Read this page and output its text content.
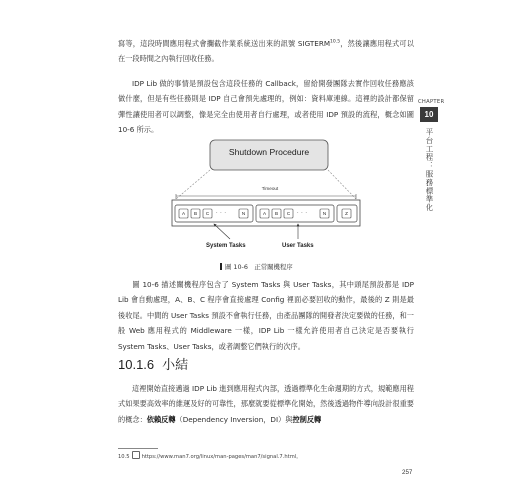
寫等，這段時間應用程式會攔截作業系統送出來的訊號 $SIGTERM^{10.5}$，然後讓應用程式可以在一段時間之內執行回收任務。

IDP Lib 做的事情是預設包含這段任務的 Callback，留給開發團隊去實作回收任務應該做什麼，但是有些任務則是 IDP 自己會預先處理的，例如：資料庫連線。這裡的設計都保留彈性讓使用者可以調整，像是完全由使用者自行處理，或者使用 IDP 預設的流程，概念如圖 10-6 所示。

CHAPTER
10
平台工程：服務標準化
Shutdown Procedure
Timeout
A	B	C	· · ·	N	A	B	C	· · ·	N	Z
System Tasks	User Tasks
圖 10-6　正常關機程序

圖 10-6 描述關機程序包含了 System Tasks 與 User Tasks，其中頭尾預設都是 IDP Lib 會自動處理，A、B、C 程序會直接處理 Config 裡面必要回收的動作，最後的 Z 則是最後收尾。中間的 User Tasks 預設不會執行任務，由產品團隊的開發者決定要做的任務，和一般 Web 應用程式的 Middleware 一樣，IDP Lib 一樣允許使用者自己決定是否要執行 System Tasks、User Tasks，或者調整它們執行的次序。

10.1.6 小結

這裡開始直接邁過 IDP Lib 進到應用程式內部，透過標準化生命週期的方式，規範應用程式如果要高效率的維運及好的可靠性，那麼就要從標準化開始，然後透過物件導向設計很重要的概念：依賴反轉（Dependency Inversion，DI）與控制反轉

10.5 https://www.man7.org/linux/man-pages/man7/signal.7.html。
257
